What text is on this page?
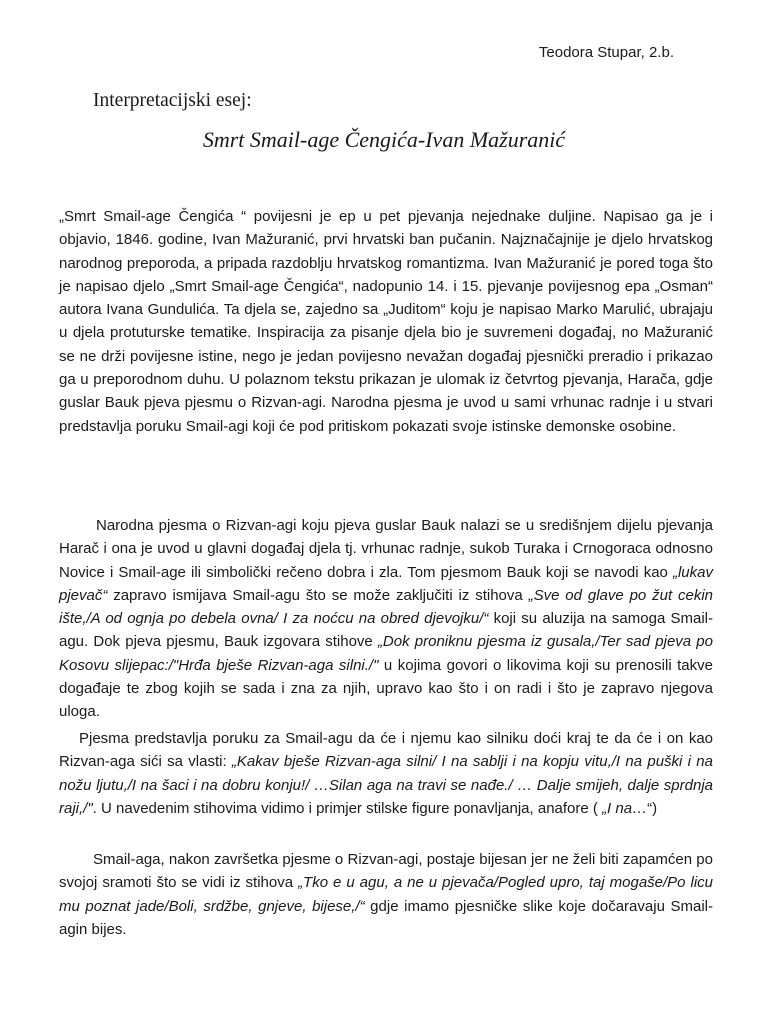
Teodora Stupar, 2.b.
Interpretacijski esej:
Smrt Smail-age Čengića-Ivan Mažuranić

„Smrt Smail-age Čengića “ povijesni je ep u pet pjevanja nejednake duljine. Napisao ga je i objavio, 1846. godine, Ivan Mažuranić, prvi hrvatski ban pučanin. Najznačajnije je djelo hrvatskog narodnog preporoda, a pripada razdoblju hrvatskog romantizma. Ivan Mažuranić je pored toga što je napisao djelo „Smrt Smail-age Čengića“, nadopunio 14. i 15. pjevanje povijesnog epa „Osman“ autora Ivana Gundulića. Ta djela se, zajedno sa „Juditom“ koju je napisao Marko Marulić, ubrajaju u djela protuturske tematike. Inspiracija za pisanje djela bio je suvremeni događaj, no Mažuranić se ne drži povijesne istine, nego je jedan povijesno nevažan događaj pjesnički preradio i prikazao ga u preporodnom duhu. U polaznom tekstu prikazan je ulomak iz četvrtog pjevanja, Harača, gdje guslar Bauk pjeva pjesmu o Rizvan-agi. Narodna pjesma je uvod u sami vrhunac radnje i u stvari predstavlja poruku Smail-agi koji će pod pritiskom pokazati svoje istinske demonske osobine.

Narodna pjesma o Rizvan-agi koju pjeva guslar Bauk nalazi se u središnjem dijelu pjevanja Harač i ona je uvod u glavni događaj djela tj. vrhunac radnje, sukob Turaka i Crnogoraca odnosno Novice i Smail-age ili simbolički rečeno dobra i zla. Tom pjesmom Bauk koji se navodi kao „lukav pjevač“ zapravo ismijava Smail-agu što se može zaključiti iz stihova „Sve od glave po žut cekin ište,/A od ognja po debela ovna/ I za noćcu na obred djevojku/“ koji su aluzija na samoga Smail-agu. Dok pjeva pjesmu, Bauk izgovara stihove „Dok proniknu pjesma iz gusala,/Ter sad pjeva po Kosovu slijepac:/"Hrđa bješe Rizvan-aga silni./" u kojima govori o likovima koji su prenosili takve događaje te zbog kojih se sada i zna za njih, upravo kao što i on radi i što je zapravo njegova uloga.

Pjesma predstavlja poruku za Smail-agu da će i njemu kao silniku doći kraj te da će i on kao Rizvan-aga sići sa vlasti: „Kakav bješe Rizvan-aga silni/ I na sablji i na kopju vitu,/I na puški i na nožu ljutu,/I na šaci i na dobru konju!/ …Silan aga na travi se nađe./ … Dalje smijeh, dalje sprdnja raji,/". U navedenim stihovima vidimo i primjer stilske figure ponavljanja, anafore ( „I na…“)

Smail-aga, nakon završetka pjesme o Rizvan-agi, postaje bijesan jer ne želi biti zapamćen po svojoj sramoti što se vidi iz stihova „Tko e u agu, a ne u pjevača/Pogled upro, taj mogaše/Po licu mu poznat jade/Boli, srdžbe, gnjeve, bijese,/“ gdje imamo pjesničke slike koje dočaravaju Smail-agin bijes.
